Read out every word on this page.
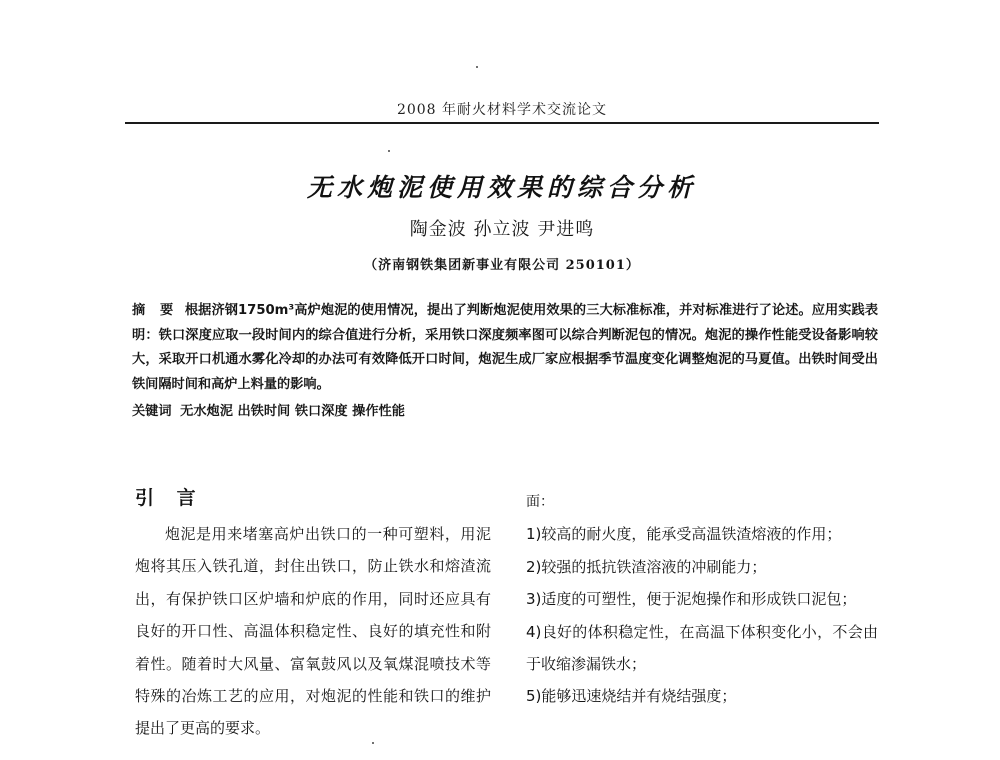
2008 年耐火材料学术交流论文
无水炮泥使用效果的综合分析
陶金波 孙立波 尹进鸣
（济南钢铁集团新事业有限公司 250101）
摘 要 根据济钢1750m³高炉炮泥的使用情况，提出了判断炮泥使用效果的三大标准标准，并对标准进行了论述。应用实践表明：铁口深度应取一段时间内的综合值进行分析，采用铁口深度频率图可以综合判断泥包的情况。炮泥的操作性能受设备影响较大，采取开口机通水雾化冷却的办法可有效降低开口时间，炮泥生成厂家应根据季节温度变化调整炮泥的马夏值。出铁时间受出铁间隔时间和高炉上料量的影响。
关键词 无水炮泥 出铁时间 铁口深度 操作性能
引 言

炮泥是用来堵塞高炉出铁口的一种可塑料，用泥炮将其压入铁孔道，封住出铁口，防止铁水和熔渣流出，有保护铁口区炉墙和炉底的作用，同时还应具有良好的开口性、高温体积稳定性、良好的填充性和附着性。随着时大风量、富氧鼓风以及氧煤混喷技术等特殊的冶炼工艺的应用，对炮泥的性能和铁口的维护提出了更高的要求。

面：

1)较高的耐火度，能承受高温铁渣熔液的作用；
2)较强的抵抗铁渣溶液的冲刷能力；
3)适度的可塑性，便于泥炮操作和形成铁口泥包；
4)良好的体积稳定性，在高温下体积变化小，不会由于收缩渗漏铁水；
5)能够迅速烧结并有烧结强度；
